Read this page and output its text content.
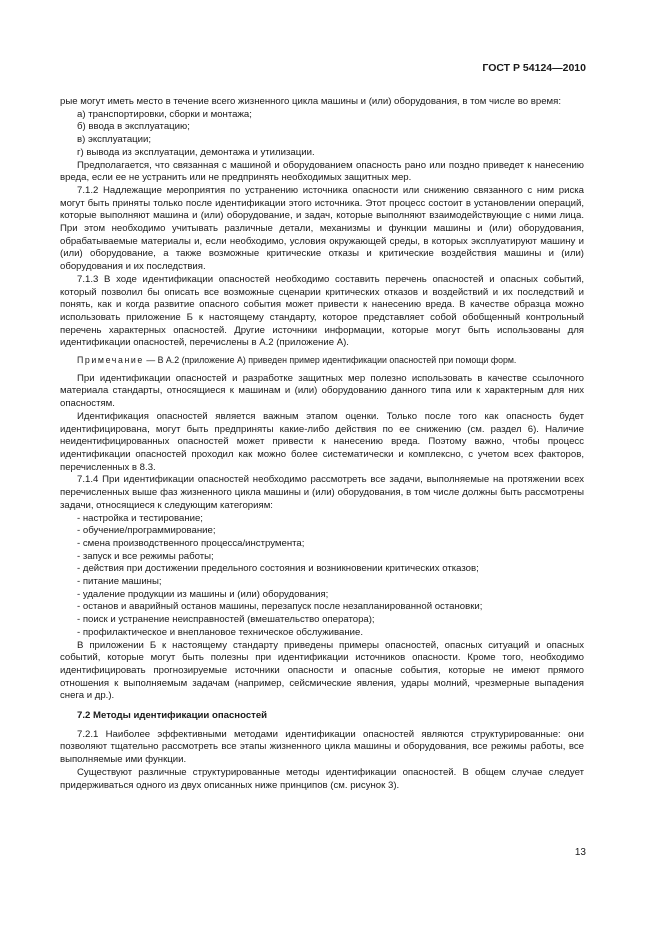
ГОСТ Р 54124—2010

рые могут иметь место в течение всего жизненного цикла машины и (или) оборудования, в том числе во время:

а) транспортировки, сборки и монтажа;

б) ввода в эксплуатацию;

в) эксплуатации;

г) вывода из эксплуатации, демонтажа и утилизации.

Предполагается, что связанная с машиной и оборудованием опасность рано или поздно приведет к нанесению вреда, если ее не устранить или не предпринять необходимых защитных мер.

7.1.2 Надлежащие мероприятия по устранению источника опасности или снижению связанного с ним риска могут быть приняты только после идентификации этого источника. Этот процесс состоит в установлении операций, которые выполняют машина и (или) оборудование, и задач, которые выполняют взаимодействующие с ними лица. При этом необходимо учитывать различные детали, механизмы и функции машины и (или) оборудования, обрабатываемые материалы и, если необходимо, условия окружающей среды, в которых эксплуатируют машину и (или) оборудование, а также возможные критические отказы и критические воздействия машины и (или) оборудования и их последствия.

7.1.3 В ходе идентификации опасностей необходимо составить перечень опасностей и опасных событий, который позволил бы описать все возможные сценарии критических отказов и воздействий и их последствий и понять, как и когда развитие опасного события может привести к нанесению вреда. В качестве образца можно использовать приложение Б к настоящему стандарту, которое представляет собой обобщенный контрольный перечень характерных опасностей. Другие источники информации, которые могут быть использованы для идентификации опасностей, перечислены в А.2 (приложение А).

Примечание — В А.2 (приложение А) приведен пример идентификации опасностей при помощи форм.

При идентификации опасностей и разработке защитных мер полезно использовать в качестве ссылочного материала стандарты, относящиеся к машинам и (или) оборудованию данного типа или к характерным для них опасностям.

Идентификация опасностей является важным этапом оценки. Только после того как опасность будет идентифицирована, могут быть предприняты какие-либо действия по ее снижению (см. раздел 6). Наличие неидентифицированных опасностей может привести к нанесению вреда. Поэтому важно, чтобы процесс идентификации опасностей проходил как можно более систематически и комплексно, с учетом всех факторов, перечисленных в 8.3.

7.1.4 При идентификации опасностей необходимо рассмотреть все задачи, выполняемые на протяжении всех перечисленных выше фаз жизненного цикла машины и (или) оборудования, в том числе должны быть рассмотрены задачи, относящиеся к следующим категориям:

- настройка и тестирование;

- обучение/программирование;

- смена производственного процесса/инструмента;

- запуск и все режимы работы;

- действия при достижении предельного состояния и возникновении критических отказов;

- питание машины;

- удаление продукции из машины и (или) оборудования;

- останов и аварийный останов машины, перезапуск после незапланированной остановки;

- поиск и устранение неисправностей (вмешательство оператора);

- профилактическое и внеплановое техническое обслуживание.

В приложении Б к настоящему стандарту приведены примеры опасностей, опасных ситуаций и опасных событий, которые могут быть полезны при идентификации источников опасности. Кроме того, необходимо идентифицировать прогнозируемые источники опасности и опасные события, которые не имеют прямого отношения к выполняемым задачам (например, сейсмические явления, удары молний, чрезмерные выпадения снега и др.).

7.2 Методы идентификации опасностей

7.2.1 Наиболее эффективными методами идентификации опасностей являются структурированные: они позволяют тщательно рассмотреть все этапы жизненного цикла машины и оборудования, все режимы работы, все выполняемые ими функции.

Существуют различные структурированные методы идентификации опасностей. В общем случае следует придерживаться одного из двух описанных ниже принципов (см. рисунок 3).

13
